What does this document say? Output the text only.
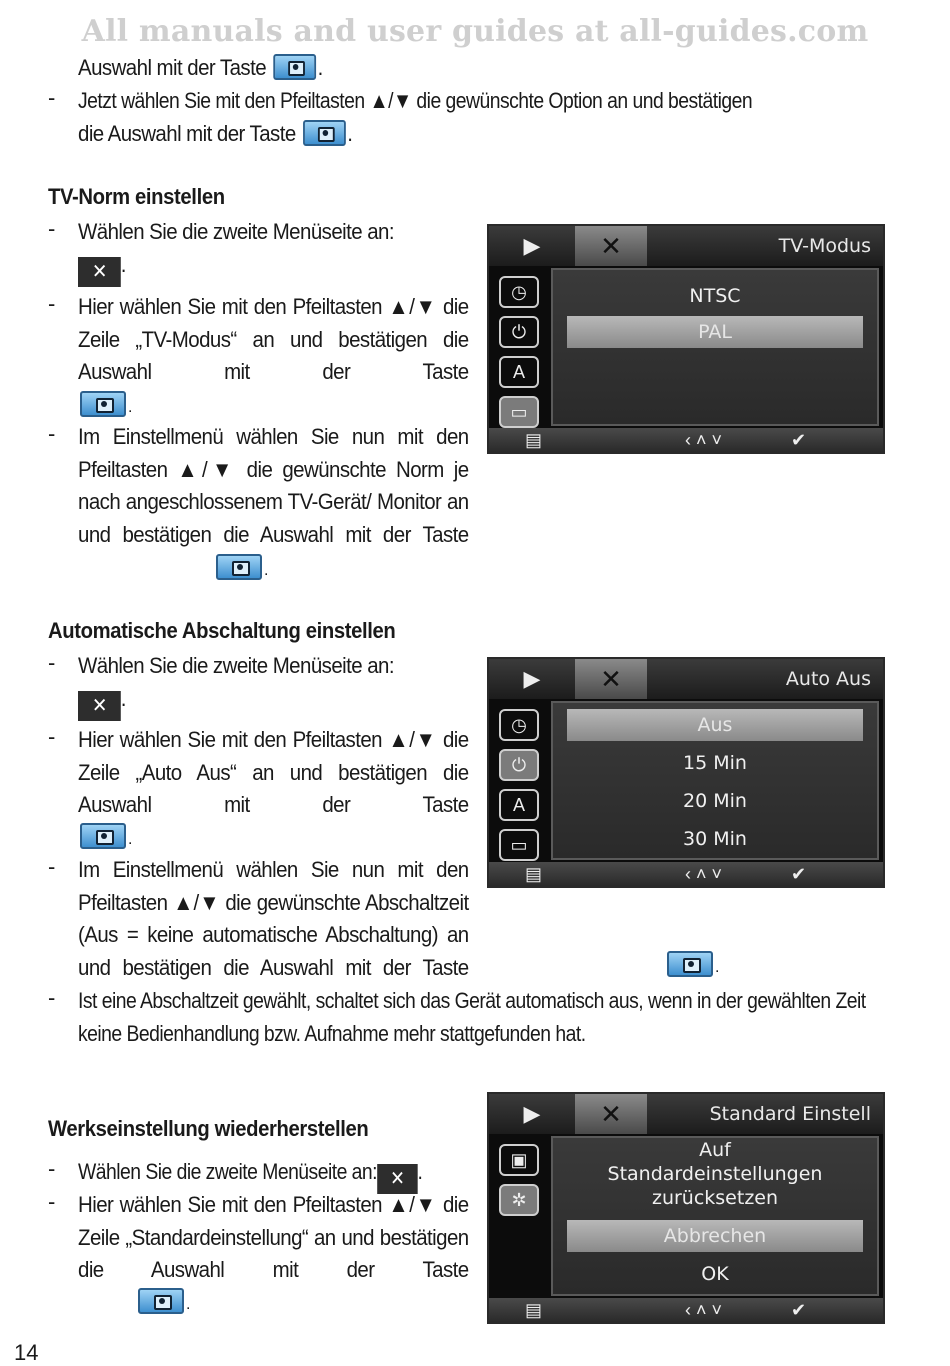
All manuals and user guides at all-guides.com
Auswahl mit der Taste .
- Jetzt wählen Sie mit den Pfeiltasten ▲/▼ die gewünschte Option an und bestätigen
die Auswahl mit der Taste .
TV-Norm einstellen
- Wählen Sie die zweite Menüseite an:
✕ .
- Hier wählen Sie mit den Pfeiltasten ▲/▼ die Zeile „TV-Modus“ an und bestätigen die Auswahl mit der Taste
.
- Im Einstellmenü wählen Sie nun mit den Pfeiltasten ▲/▼ die gewünschte Norm je nach angeschlossenem TV-Gerät/ Monitor an und bestätigen die Auswahl mit der Taste
.
▶	✕	TV-Modus
◷
⏻
A
▭
NTSC
PAL
▤	‹ ˄ ˅	✔
Automatische Abschaltung einstellen
- Wählen Sie die zweite Menüseite an:
✕ .
- Hier wählen Sie mit den Pfeiltasten ▲/▼ die Zeile „Auto Aus“ an und bestätigen die Auswahl mit der Taste
.
- Im Einstellmenü wählen Sie nun mit den Pfeiltasten ▲/▼ die gewünschte Abschaltzeit (Aus = keine automatische Abschaltung) an und bestätigen die Auswahl mit der Taste	.
- Ist eine Abschaltzeit gewählt, schaltet sich das Gerät automatisch aus, wenn in der gewählten Zeit keine Bedienhandlung bzw. Aufnahme mehr stattgefunden hat.
▶	✕	Auto Aus
◷
⏻
A
▭
Aus
15 Min
20 Min
30 Min
▤	‹ ˄ ˅	✔
Werkseinstellung wiederherstellen
- Wählen Sie die zweite Menüseite an: ✕ .
- Hier wählen Sie mit den Pfeiltasten ▲/▼ die Zeile „Standardeinstellung“ an und bestätigen die Auswahl mit der Taste
.
▶	✕	Standard Einstell
▣
✲
Auf
Standardeinstellungen
zurücksetzen
Abbrechen
OK
▤	‹ ˄ ˅	✔
14
